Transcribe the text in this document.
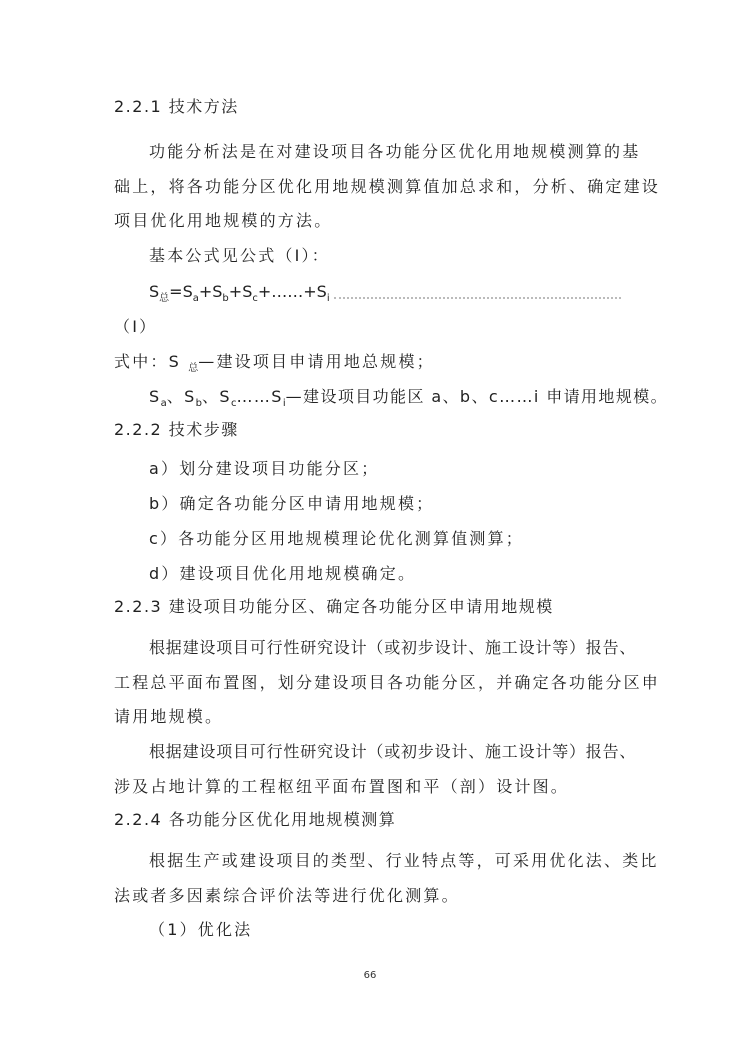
2.2.1 技术方法
功能分析法是在对建设项目各功能分区优化用地规模测算的基
础上，将各功能分区优化用地规模测算值加总求和，分析、确定建设
项目优化用地规模的方法。
基本公式见公式（Ⅰ）：
$S_总=S_a+S_b+S_c+\dots\dots+S_i$
（Ⅰ）
式中：S $_总$—建设项目申请用地总规模；
$S_a$、$S_b$、$S_c\dots\dots S_i—$建设项目功能区 a、b、c……i 申请用地规模。
2.2.2 技术步骤
a）划分建设项目功能分区；
b）确定各功能分区申请用地规模；
c）各功能分区用地规模理论优化测算值测算；
d）建设项目优化用地规模确定。
2.2.3 建设项目功能分区、确定各功能分区申请用地规模
根据建设项目可行性研究设计（或初步设计、施工设计等）报告、
工程总平面布置图，划分建设项目各功能分区，并确定各功能分区申
请用地规模。
根据建设项目可行性研究设计（或初步设计、施工设计等）报告、
涉及占地计算的工程枢纽平面布置图和平（剖）设计图。
2.2.4 各功能分区优化用地规模测算
根据生产或建设项目的类型、行业特点等，可采用优化法、类比
法或者多因素综合评价法等进行优化测算。
（1）优化法
66
